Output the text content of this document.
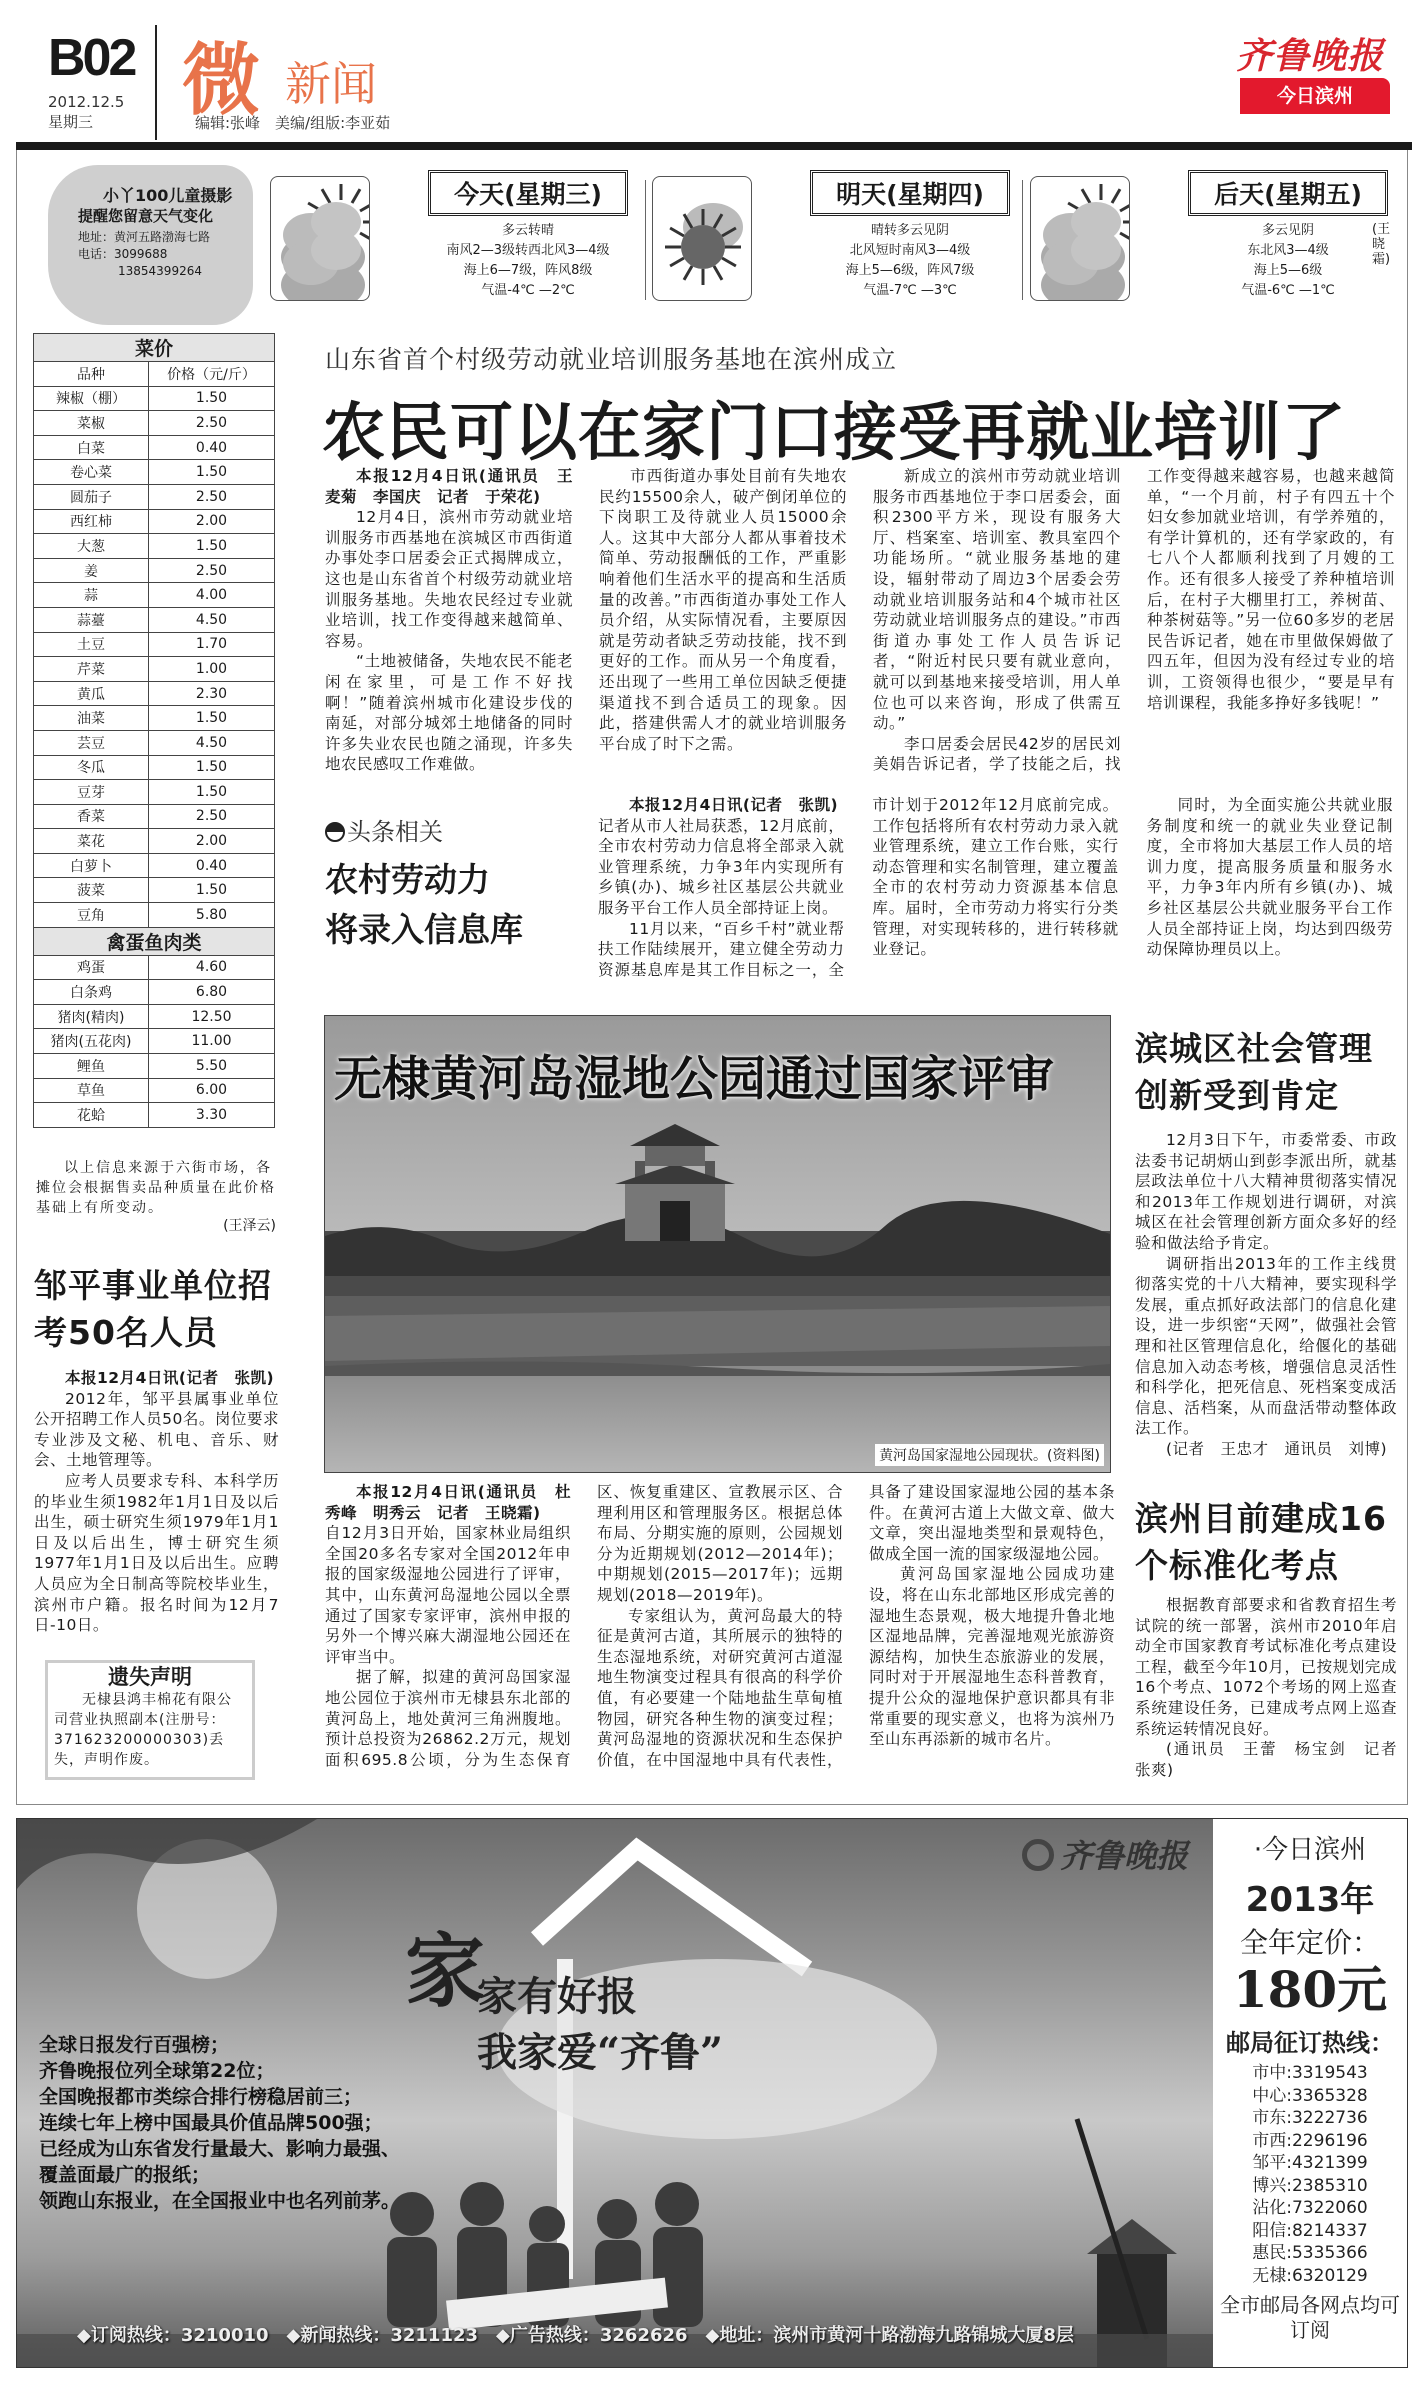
B02
2012.12.5
星期三	微 新闻
编辑:张峰　美编/组版:李亚茹
齐鲁晚报
今日滨州
小丫100儿童摄影
提醒您留意天气变化
地址：黄河五路渤海七路
电话：3099688
13854399264
今天(星期三)
多云转晴
南风2—3级转西北风3—4级
海上6—7级，阵风8级
气温-4℃ —2℃
明天(星期四)
晴转多云见阴
北风短时南风3—4级
海上5—6级，阵风7级
气温-7℃ —3℃
后天(星期五)
多云见阴
东北风3—4级
海上5—6级
气温-6℃ —1℃
(王晓霜)
菜价	
品种	价格（元/斤）
辣椒（棚）	1.50
菜椒	2.50
白菜	0.40
卷心菜	1.50
圆茄子	2.50
西红柿	2.00
大葱	1.50
姜	2.50
蒜	4.00
蒜薹	4.50
土豆	1.70
芹菜	1.00
黄瓜	2.30
油菜	1.50
芸豆	4.50
冬瓜	1.50
豆芽	1.50
香菜	2.50
菜花	2.00
白萝卜	0.40
菠菜	1.50
豆角	5.80
禽蛋鱼肉类	
鸡蛋	4.60
白条鸡	6.80
猪肉(精肉)	12.50
猪肉(五花肉)	11.00
鲤鱼	5.50
草鱼	6.00
花蛤	3.30
以上信息来源于六街市场，各摊位会根据售卖品种质量在此价格基础上有所变动。
(王泽云)
山东省首个村级劳动就业培训服务基地在滨州成立
农民可以在家门口接受再就业培训了

本报12月4日讯(通讯员　王麦菊　李国庆　记者　于荣花)

12月4日，滨州市劳动就业培训服务市西基地在滨城区市西街道办事处李口居委会正式揭牌成立，这也是山东省首个村级劳动就业培训服务基地。失地农民经过专业就业培训，找工作变得越来越简单、容易。

“土地被储备，失地农民不能老闲在家里，可是工作不好找啊！”随着滨州城市化建设步伐的南延，对部分城郊土地储备的同时许多失业农民也随之涌现，许多失地农民感叹工作难做。

市西街道办事处目前有失地农民约15500余人，破产倒闭单位的下岗职工及待就业人员15000余人。这其中大部分人都从事着技术简单、劳动报酬低的工作，严重影响着他们生活水平的提高和生活质量的改善。”市西街道办事处工作人员介绍，从实际情况看，主要原因就是劳动者缺乏劳动技能，找不到更好的工作。而从另一个角度看，还出现了一些用工单位因缺乏便捷渠道找不到合适员工的现象。因此，搭建供需人才的就业培训服务平台成了时下之需。

新成立的滨州市劳动就业培训服务市西基地位于李口居委会，面积2300平方米，现设有服务大厅、档案室、培训室、教具室四个功能场所。“就业服务基地的建设，辐射带动了周边3个居委会劳动就业培训服务站和4个城市社区劳动就业培训服务点的建设。”市西街道办事处工作人员告诉记者，“附近村民只要有就业意向，就可以到基地来接受培训，用人单位也可以来咨询，形成了供需互动。”

李口居委会居民42岁的居民刘美娟告诉记者，学了技能之后，找工作变得越来越容易，也越来越简单，“一个月前，村子有四五十个妇女参加就业培训，有学养殖的，有学计算机的，还有学家政的，有七八个人都顺利找到了月嫂的工作。还有很多人接受了养种植培训后，在村子大棚里打工，养树苗、种茶树菇等。”另一位60多岁的老居民告诉记者，她在市里做保姆做了四五年，但因为没有经过专业的培训，工资领得也很少，“要是早有培训课程，我能多挣好多钱呢！”

头条相关
农村劳动力
将录入信息库

本报12月4日讯(记者　张凯)

记者从市人社局获悉，12月底前，全市农村劳动力信息将全部录入就业管理系统，力争3年内实现所有乡镇(办)、城乡社区基层公共就业服务平台工作人员全部持证上岗。

11月以来，“百乡千村”就业帮扶工作陆续展开，建立健全劳动力资源基息库是其工作目标之一，全市计划于2012年12月底前完成。工作包括将所有农村劳动力录入就业管理系统，建立工作台账，实行动态管理和实名制管理，建立覆盖全市的农村劳动力资源基本信息库。届时，全市劳动力将实行分类管理，对实现转移的，进行转移就业登记。

同时，为全面实施公共就业服务制度和统一的就业失业登记制度，全市将加大基层工作人员的培训力度，提高服务质量和服务水平，力争3年内所有乡镇(办)、城乡社区基层公共就业服务平台工作人员全部持证上岗，均达到四级劳动保障协理员以上。

黄河岛国家湿地公园现状。(资料图)
无棣黄河岛湿地公园通过国家评审

本报12月4日讯(通讯员　杜秀峰　明秀云　记者　王晓霜)

自12月3日开始，国家林业局组织全国20多名专家对全国2012年申报的国家级湿地公园进行了评审，其中，山东黄河岛湿地公园以全票通过了国家专家评审，滨州申报的另外一个博兴麻大湖湿地公园还在评审当中。

据了解，拟建的黄河岛国家湿地公园位于滨州市无棣县东北部的黄河岛上，地处黄河三角洲腹地。预计总投资为26862.2万元，规划面积695.8公顷，分为生态保育区、恢复重建区、宣教展示区、合理利用区和管理服务区。根据总体布局、分期实施的原则，公园规划分为近期规划(2012—2014年)；中期规划(2015—2017年)；远期规划(2018—2019年)。

专家组认为，黄河岛最大的特征是黄河古道，其所展示的独特的生态湿地系统，对研究黄河古道湿地生物演变过程具有很高的科学价值，有必要建一个陆地盐生草甸植物园，研究各种生物的演变过程；黄河岛湿地的资源状况和生态保护价值，在中国湿地中具有代表性，具备了建设国家湿地公园的基本条件。在黄河古道上大做文章、做大文章，突出湿地类型和景观特色，做成全国一流的国家级湿地公园。

黄河岛国家湿地公园成功建设，将在山东北部地区形成完善的湿地生态景观，极大地提升鲁北地区湿地品牌，完善湿地观光旅游资源结构，加快生态旅游业的发展，同时对于开展湿地生态科普教育，提升公众的湿地保护意识都具有非常重要的现实意义，也将为滨州乃至山东再添新的城市名片。

滨城区社会管理创新受到肯定

12月3日下午，市委常委、市政法委书记胡炳山到彭李派出所，就基层政法单位十八大精神贯彻落实情况和2013年工作规划进行调研，对滨城区在社会管理创新方面众多好的经验和做法给予肯定。

调研指出2013年的工作主线贯彻落实党的十八大精神，要实现科学发展，重点抓好政法部门的信息化建设，进一步织密“天网”，做强社会管理和社区管理信息化，给偃化的基础信息加入动态考核，增强信息灵活性和科学化，把死信息、死档案变成活信息、活档案，从而盘活带动整体政法工作。

(记者　王忠才　通讯员　刘博)

滨州目前建成16个标准化考点

根据教育部要求和省教育招生考试院的统一部署，滨州市2010年启动全市国家教育考试标准化考点建设工程，截至今年10月，已按规划完成16个考点、1072个考场的网上巡查系统建设任务，已建成考点网上巡查系统运转情况良好。

(通讯员　王蕾　杨宝剑　记者　张爽)

邹平事业单位招考50名人员

本报12月4日讯(记者　张凯)

2012年，邹平县属事业单位公开招聘工作人员50名。岗位要求专业涉及文秘、机电、音乐、财会、土地管理等。

应考人员要求专科、本科学历的毕业生须1982年1月1日及以后出生，硕士研究生须1979年1月1日及以后出生，博士研究生须1977年1月1日及以后出生。应聘人员应为全日制高等院校毕业生，滨州市户籍。报名时间为12月7日-10日。

遗失声明
无棣县鸿丰棉花有限公司营业执照副本(注册号：371623200000303)丢失，声明作废。
齐鲁晚报
全球日报发行百强榜；
齐鲁晚报位列全球第22位；
全国晚报都市类综合排行榜稳居前三；
连续七年上榜中国最具价值品牌500强；
已经成为山东省发行量最大、影响力最强、
覆盖面最广的报纸；
领跑山东报业，在全国报业中也名列前茅。
家
家有好报
我家爱“齐鲁”
◆订阅热线：3210010　◆新闻热线：3211123　◆广告热线：3262626　◆地址：滨州市黄河十路渤海九路锦城大厦8层
·今日滨州
2013年
全年定价：
180元
邮局征订热线：
市中:3319543
中心:3365328
市东:3222736
市西:2296196
邹平:4321399
博兴:2385310
沾化:7322060
阳信:8214337
惠民:5335366
无棣:6320129
全市邮局各网点均可订阅
